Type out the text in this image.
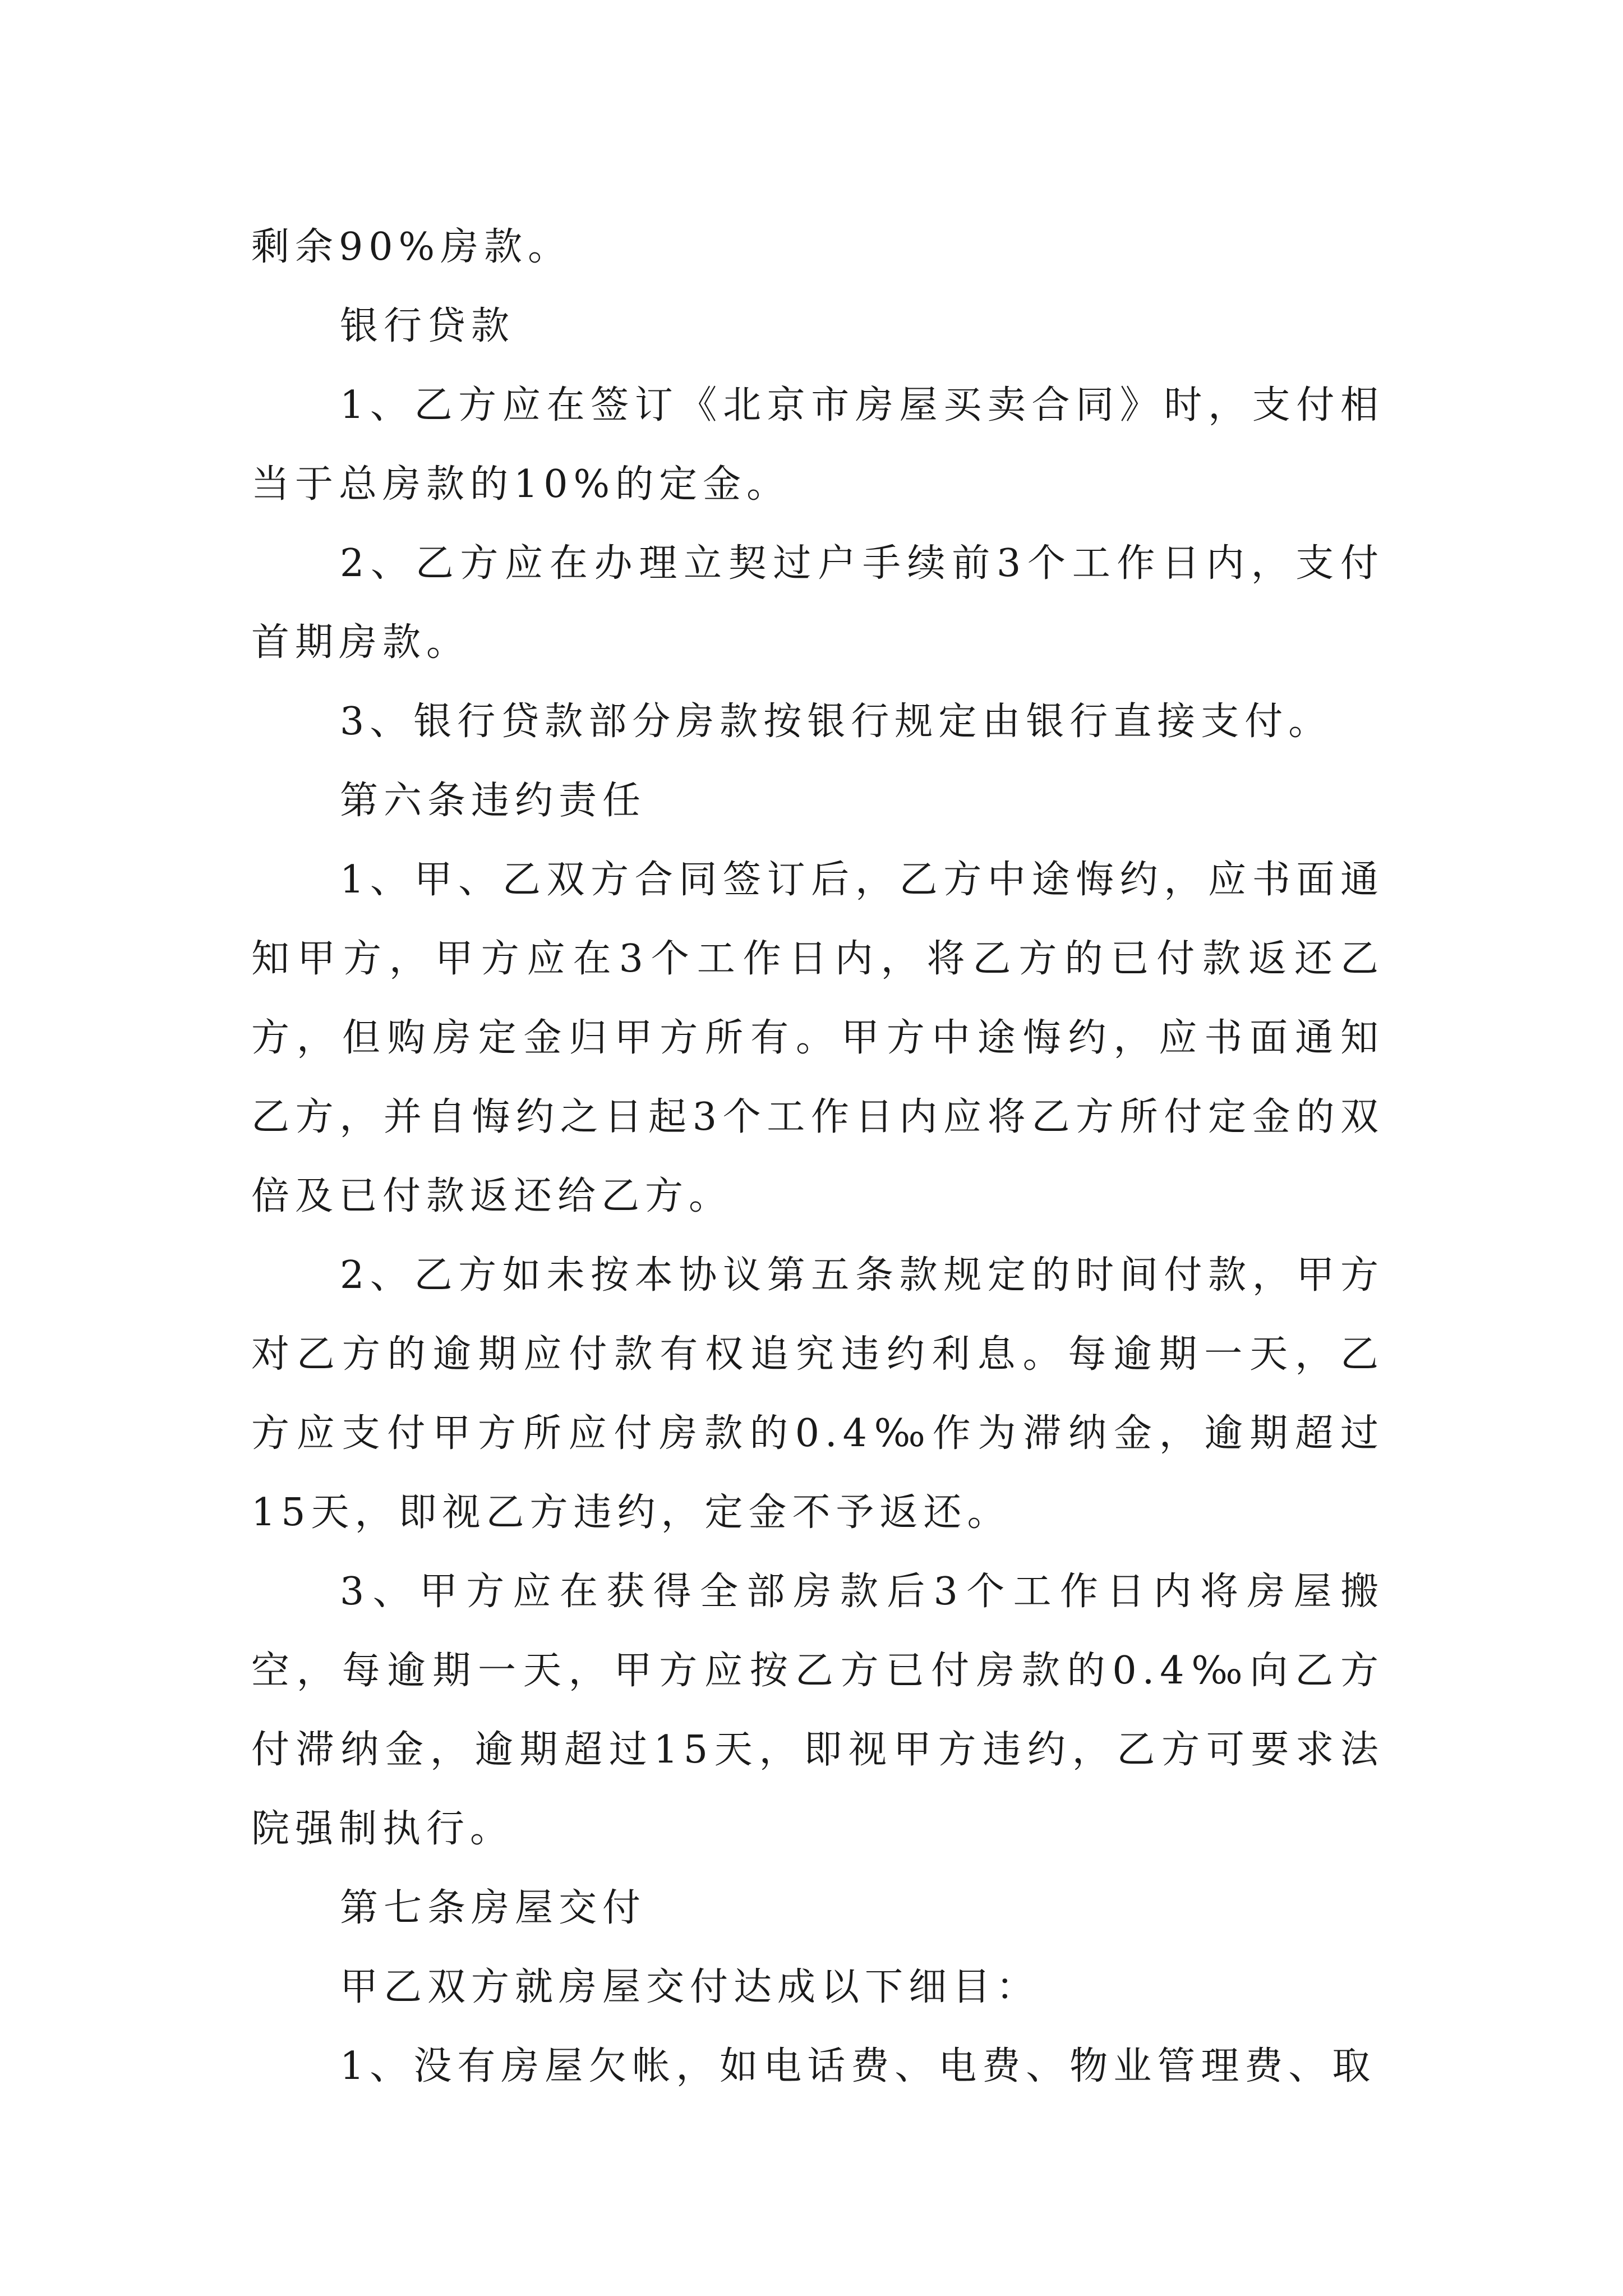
剩余90%房款。

银行贷款

1、乙方应在签订《北京市房屋买卖合同》时，支付相当于总房款的10%的定金。

2、乙方应在办理立契过户手续前3个工作日内，支付首期房款。

3、银行贷款部分房款按银行规定由银行直接支付。

第六条违约责任

1、甲、乙双方合同签订后，乙方中途悔约，应书面通知甲方，甲方应在3个工作日内，将乙方的已付款返还乙方，但购房定金归甲方所有。甲方中途悔约，应书面通知乙方，并自悔约之日起3个工作日内应将乙方所付定金的双倍及已付款返还给乙方。

2、乙方如未按本协议第五条款规定的时间付款，甲方对乙方的逾期应付款有权追究违约利息。每逾期一天，乙方应支付甲方所应付房款的0.4‰作为滞纳金，逾期超过15天，即视乙方违约，定金不予返还。

3、甲方应在获得全部房款后3个工作日内将房屋搬空，每逾期一天，甲方应按乙方已付房款的0.4‰向乙方付滞纳金，逾期超过15天，即视甲方违约，乙方可要求法院强制执行。

第七条房屋交付

甲乙双方就房屋交付达成以下细目：

1、没有房屋欠帐，如电话费、电费、物业管理费、取
